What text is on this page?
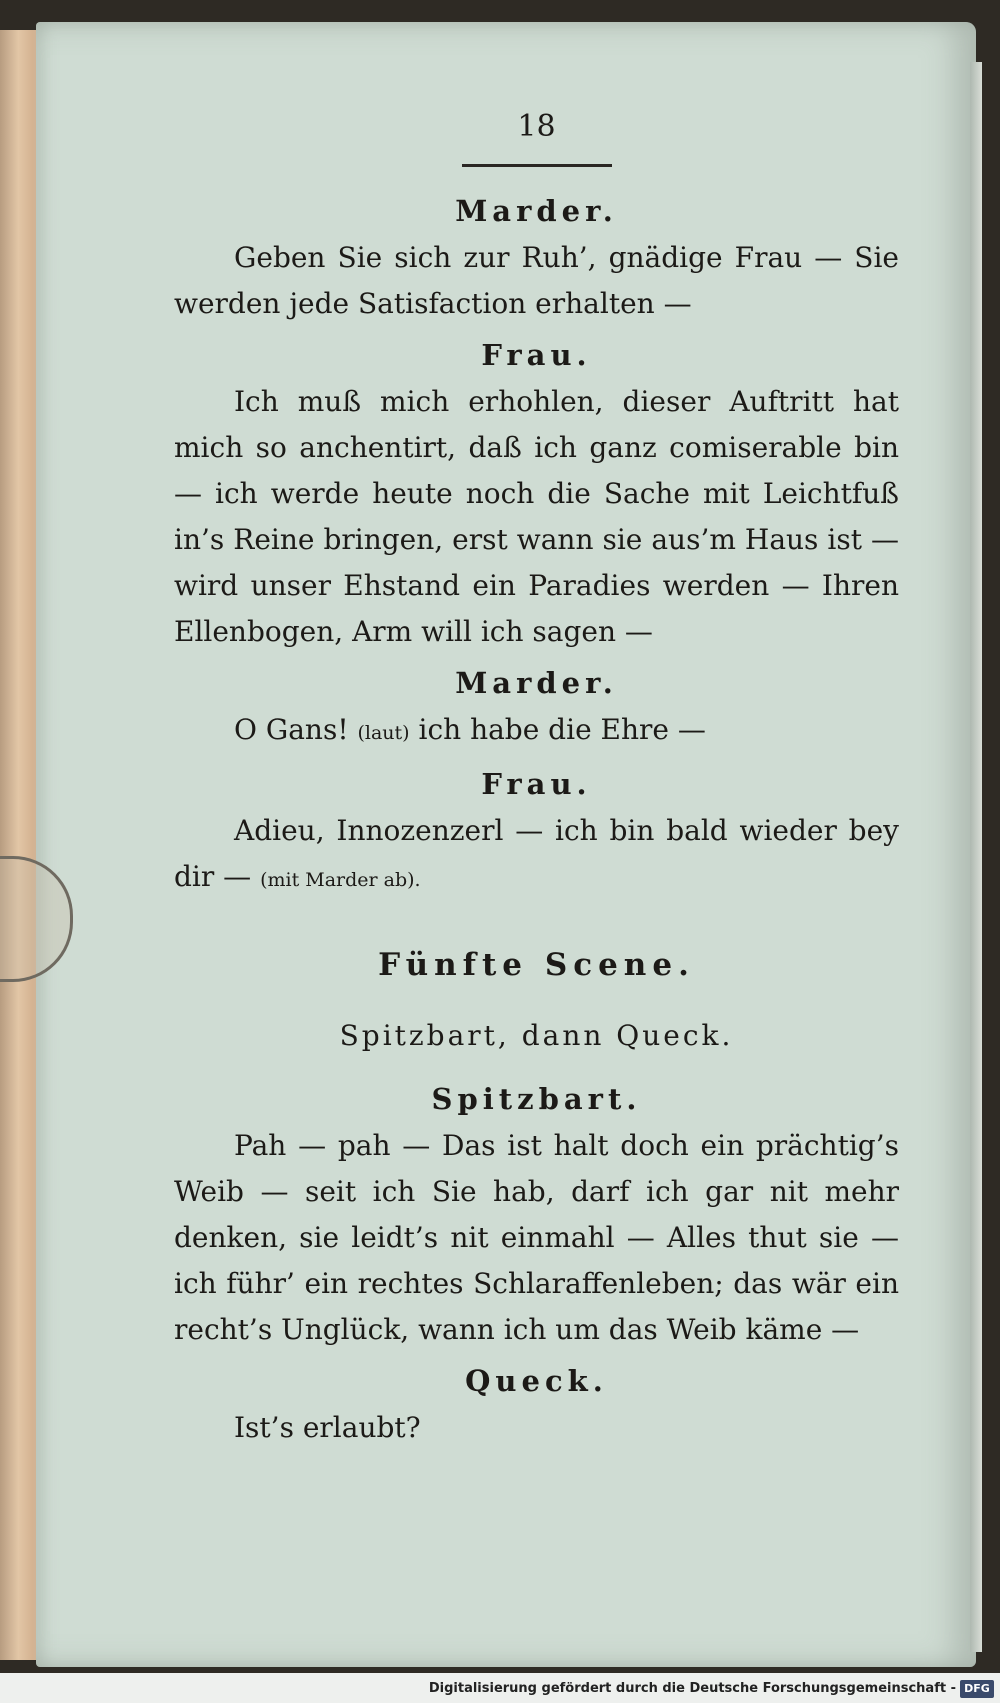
18

Marder.

Geben Sie sich zur Ruh’, gnädige Frau — Sie werden jede Satisfaction erhalten —

Frau.

Ich muß mich erhohlen, dieser Auftritt hat mich so anchentirt, daß ich ganz comiserable bin — ich werde heute noch die Sache mit Leichtfuß in’s Reine bringen, erst wann sie aus’m Haus ist — wird unser Ehstand ein Paradies werden — Ihren Ellenbogen, Arm will ich sagen —

Marder.

O Gans! (laut) ich habe die Ehre —

Frau.

Adieu, Innozenzerl — ich bin bald wieder bey dir — (mit Marder ab).

Fünfte Scene.

Spitzbart, dann Queck.

Spitzbart.

Pah — pah — Das ist halt doch ein prächtig’s Weib — seit ich Sie hab, darf ich gar nit mehr denken, sie leidt’s nit einmahl — Alles thut sie — ich führ’ ein rechtes Schlaraffenleben; das wär ein recht’s Unglück, wann ich um das Weib käme —

Queck.

Ist’s erlaubt?

Digitalisierung gefördert durch die Deutsche Forschungsgemeinschaft - DFG
